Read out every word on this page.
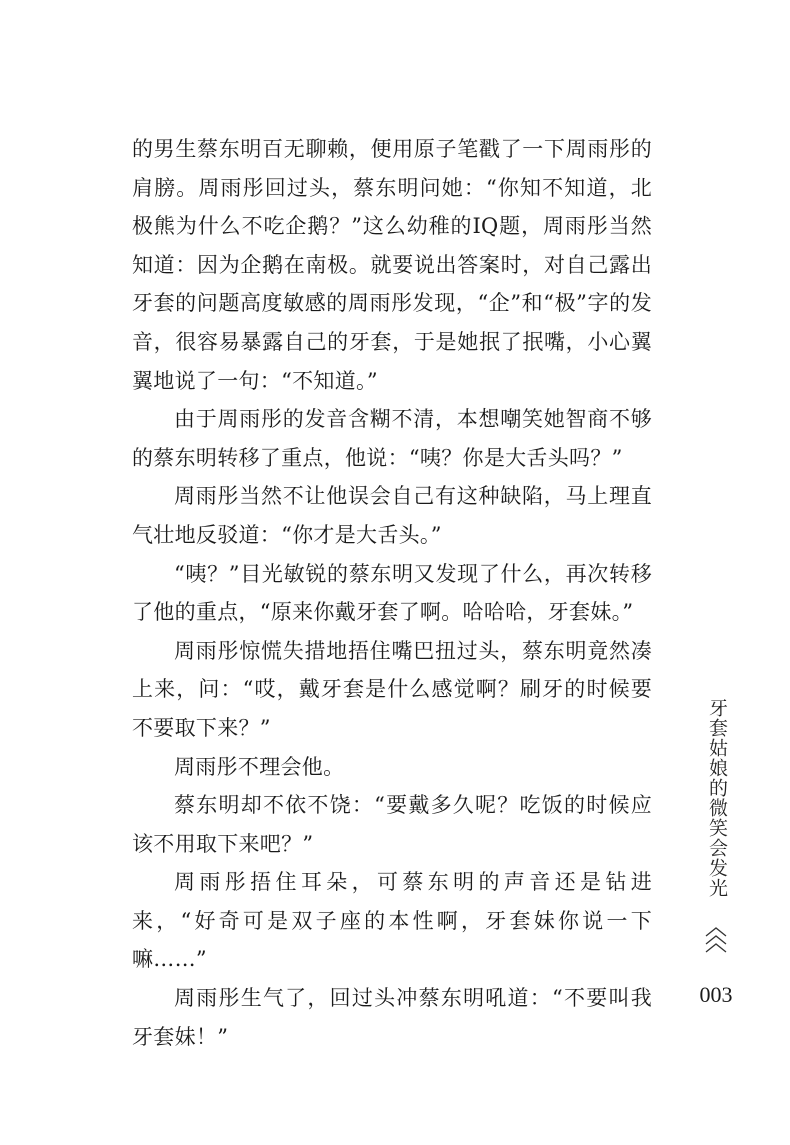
的男生蔡东明百无聊赖，便用原子笔戳了一下周雨彤的肩膀。周雨彤回过头，蔡东明问她：“你知不知道，北极熊为什么不吃企鹅？”这么幼稚的IQ题，周雨彤当然知道：因为企鹅在南极。就要说出答案时，对自己露出牙套的问题高度敏感的周雨彤发现，“企”和“极”字的发音，很容易暴露自己的牙套，于是她抿了抿嘴，小心翼翼地说了一句：“不知道。”

由于周雨彤的发音含糊不清，本想嘲笑她智商不够的蔡东明转移了重点，他说：“咦？你是大舌头吗？”

周雨彤当然不让他误会自己有这种缺陷，马上理直气壮地反驳道：“你才是大舌头。”

“咦？”目光敏锐的蔡东明又发现了什么，再次转移了他的重点，“原来你戴牙套了啊。哈哈哈，牙套妹。”

周雨彤惊慌失措地捂住嘴巴扭过头，蔡东明竟然凑上来，问：“哎，戴牙套是什么感觉啊？刷牙的时候要不要取下来？”

周雨彤不理会他。

蔡东明却不依不饶：“要戴多久呢？吃饭的时候应该不用取下来吧？”

周雨彤捂住耳朵，可蔡东明的声音还是钻进来，“好奇可是双子座的本性啊，牙套妹你说一下嘛……”

周雨彤生气了，回过头冲蔡东明吼道：“不要叫我牙套妹！”

牙套姑娘的微笑会发光
003
